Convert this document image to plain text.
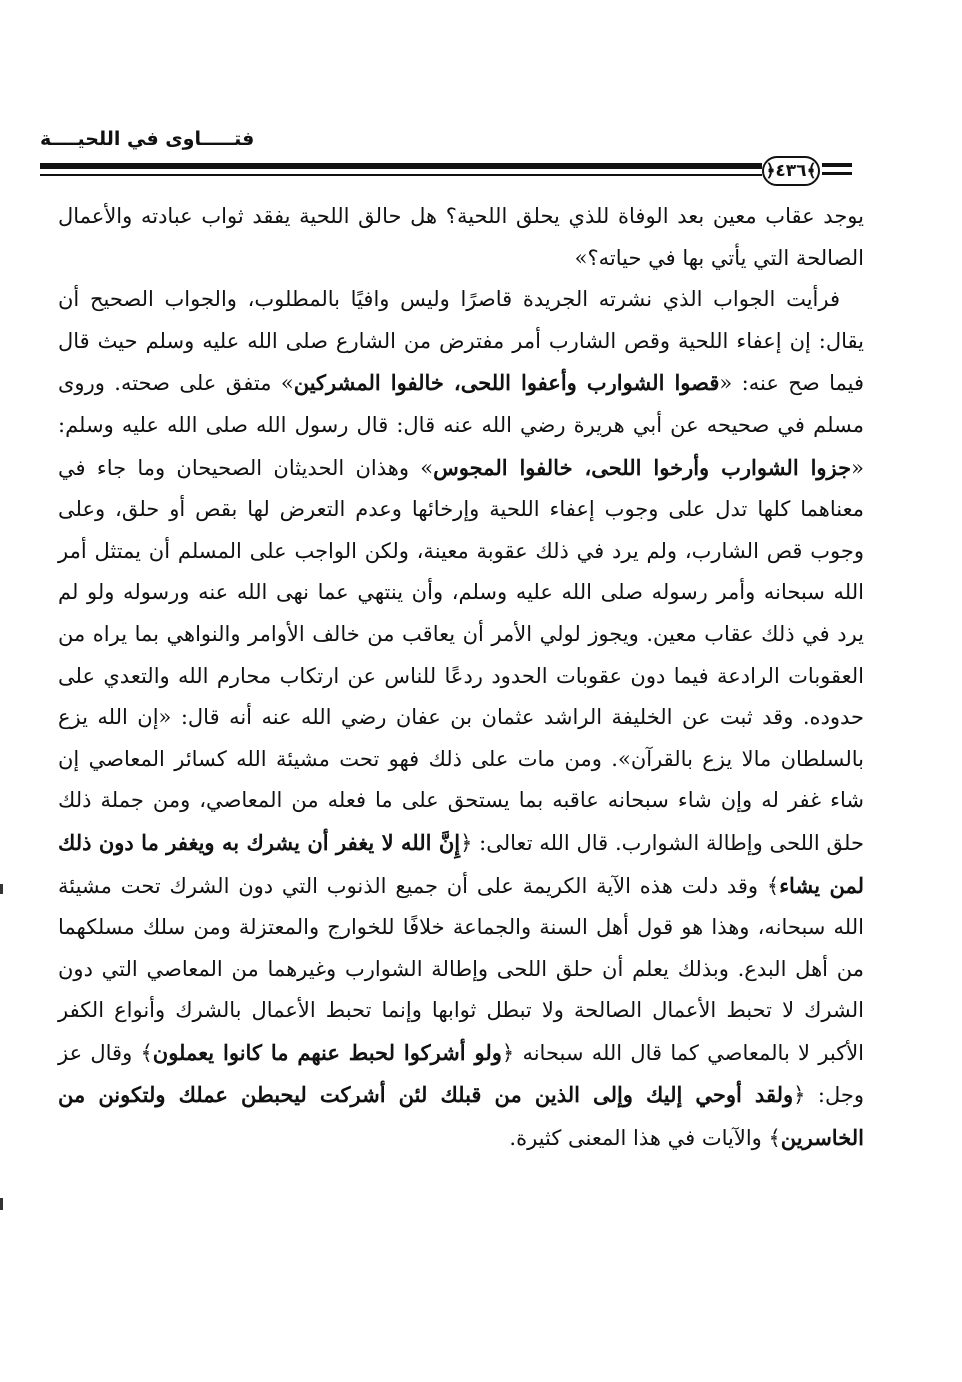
فتـــــاوى في اللحيــــة
﴿٤٣٦﴾

يوجد عقاب معين بعد الوفاة للذي يحلق اللحية؟ هل حالق اللحية يفقد ثواب عبادته والأعمال الصالحة التي يأتي بها في حياته؟»

فرأيت الجواب الذي نشرته الجريدة قاصرًا وليس وافيًا بالمطلوب، والجواب الصحيح أن يقال: إن إعفاء اللحية وقص الشارب أمر مفترض من الشارع صلى الله عليه وسلم حيث قال فيما صح عنه: «قصوا الشوارب وأعفوا اللحى، خالفوا المشركين» متفق على صحته. وروى مسلم في صحيحه عن أبي هريرة رضي الله عنه قال: قال رسول الله صلى الله عليه وسلم: «جزوا الشوارب وأرخوا اللحى، خالفوا المجوس» وهذان الحديثان الصحيحان وما جاء في معناهما كلها تدل على وجوب إعفاء اللحية وإرخائها وعدم التعرض لها بقص أو حلق، وعلى وجوب قص الشارب، ولم يرد في ذلك عقوبة معينة، ولكن الواجب على المسلم أن يمتثل أمر الله سبحانه وأمر رسوله صلى الله عليه وسلم، وأن ينتهي عما نهى الله عنه ورسوله ولو لم يرد في ذلك عقاب معين. ويجوز لولي الأمر أن يعاقب من خالف الأوامر والنواهي بما يراه من العقوبات الرادعة فيما دون عقوبات الحدود ردعًا للناس عن ارتكاب محارم الله والتعدي على حدوده. وقد ثبت عن الخليفة الراشد عثمان بن عفان رضي الله عنه أنه قال: «إن الله يزع بالسلطان مالا يزع بالقرآن». ومن مات على ذلك فهو تحت مشيئة الله كسائر المعاصي إن شاء غفر له وإن شاء سبحانه عاقبه بما يستحق على ما فعله من المعاصي، ومن جملة ذلك حلق اللحى وإطالة الشوارب. قال الله تعالى: ﴿إِنَّ الله لا يغفر أن يشرك به ويغفر ما دون ذلك لمن يشاء﴾ وقد دلت هذه الآية الكريمة على أن جميع الذنوب التي دون الشرك تحت مشيئة الله سبحانه، وهذا هو قول أهل السنة والجماعة خلافًا للخوارج والمعتزلة ومن سلك مسلكهما من أهل البدع. وبذلك يعلم أن حلق اللحى وإطالة الشوارب وغيرهما من المعاصي التي دون الشرك لا تحبط الأعمال الصالحة ولا تبطل ثوابها وإنما تحبط الأعمال بالشرك وأنواع الكفر الأكبر لا بالمعاصي كما قال الله سبحانه ﴿ولو أشركوا لحبط عنهم ما كانوا يعملون﴾ وقال عز وجل: ﴿ولقد أوحي إليك وإلى الذين من قبلك لئن أشركت ليحبطن عملك ولتكونن من الخاسرين﴾ والآيات في هذا المعنى كثيرة.
